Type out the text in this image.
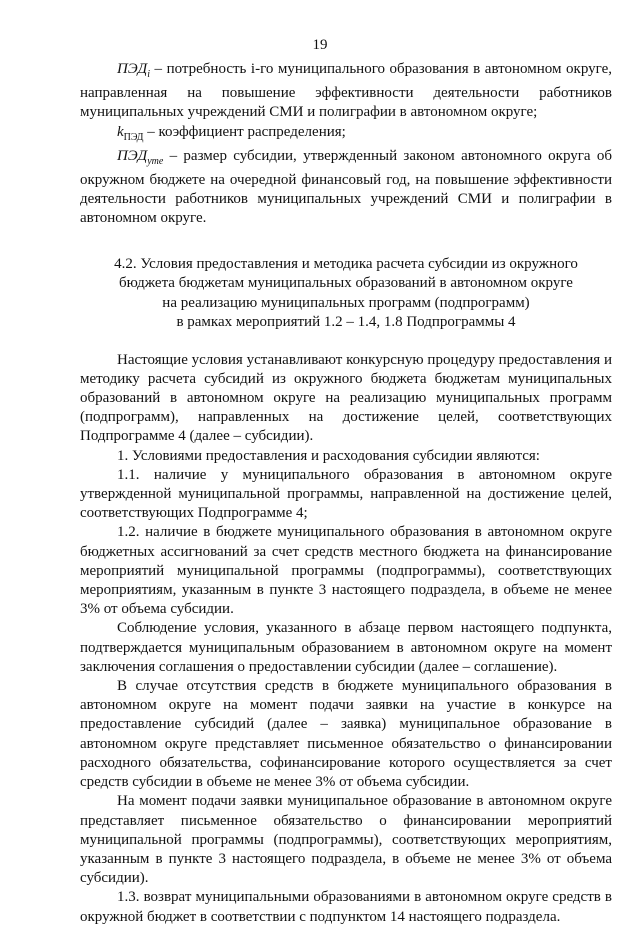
19

$ПЭД_i$ – потребность i-го муниципального образования в автономном округе, направленная на повышение эффективности деятельности работников муниципальных учреждений СМИ и полиграфии в автономном округе;

$k_{ПЭД}$ – коэффициент распределения;

$ПЭД_{уте}$ – размер субсидии, утвержденный законом автономного округа об окружном бюджете на очередной финансовый год, на повышение эффективности деятельности работников муниципальных учреждений СМИ и полиграфии в автономном округе.

4.2. Условия предоставления и методика расчета субсидии из окружного
бюджета бюджетам муниципальных образований в автономном округе
на реализацию муниципальных программ (подпрограмм)
в рамках мероприятий 1.2 – 1.4, 1.8 Подпрограммы 4

Настоящие условия устанавливают конкурсную процедуру предоставления и методику расчета субсидий из окружного бюджета бюджетам муниципальных образований в автономном округе на реализацию муниципальных программ (подпрограмм), направленных на достижение целей, соответствующих Подпрограмме 4 (далее – субсидии).

1. Условиями предоставления и расходования субсидии являются:

1.1. наличие у муниципального образования в автономном округе утвержденной муниципальной программы, направленной на достижение целей, соответствующих Подпрограмме 4;

1.2. наличие в бюджете муниципального образования в автономном округе бюджетных ассигнований за счет средств местного бюджета на финансирование мероприятий муниципальной программы (подпрограммы), соответствующих мероприятиям, указанным в пункте 3 настоящего подраздела, в объеме не менее 3% от объема субсидии.

Соблюдение условия, указанного в абзаце первом настоящего подпункта, подтверждается муниципальным образованием в автономном округе на момент заключения соглашения о предоставлении субсидии (далее – соглашение).

В случае отсутствия средств в бюджете муниципального образования в автономном округе на момент подачи заявки на участие в конкурсе на предоставление субсидий (далее – заявка) муниципальное образование в автономном округе представляет письменное обязательство о финансировании расходного обязательства, софинансирование которого осуществляется за счет средств субсидии в объеме не менее 3% от объема субсидии.

На момент подачи заявки муниципальное образование в автономном округе представляет письменное обязательство о финансировании мероприятий муниципальной программы (подпрограммы), соответствующих мероприятиям, указанным в пункте 3 настоящего подраздела, в объеме не менее 3% от объема субсидии).

1.3. возврат муниципальными образованиями в автономном округе средств в окружной бюджет в соответствии с подпунктом 14 настоящего подраздела.
